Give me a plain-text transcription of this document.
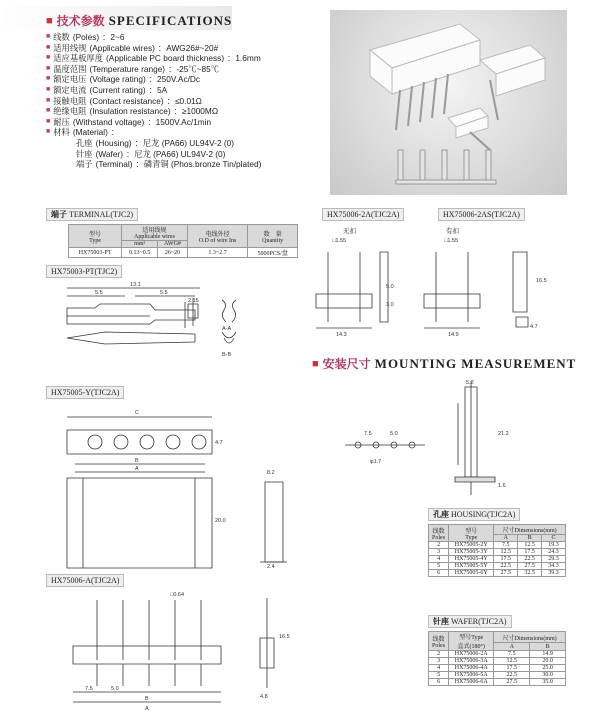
■ 技术参数 SPECIFICATIONS
■ 线数 (Poles) ：2~6
■ 适用线规 (Applicable wires) ：AWG26#~20#
■ 适应基板厚度 (Applicable PC board thickness) ：1.6mm
■ 温度范围 (Temperature range) ：-25℃~85℃
■ 额定电压 (Voltage rating) ：250V.Ac/Dc
■ 额定电流 (Current rating) ：5A
■ 接触电阻 (Contact resistance) ：≤0.01Ω
■ 绝缘电阻 (Insulation resistance) ：≥1000MΩ
■ 耐压 (Withstand voltage) ：1500V.Ac/1min
■ 材料 (Material) ：
孔座 (Housing) ：尼龙 (PA66) UL94V-2 (0)
针座 (Wafer) ：尼龙 (PA66) UL94V-2 (0)
端子 (Terminal) ：磷青铜 (Phos.bronze Tin/plated)
端子 TERMINAL(TJC2)
型号
Type	适用线规
Applicable wires		电线外径
O.D of wire Ins	数　量
Quantity
	mm²	AWG#		
HX75003-PT	0.13~0.5	26~20	1.3~2.7	5000PCS/盘
HX75003-PT(TJC2)
13.1
5.5	5.5
2.15
A-A
B-B
HX75005-Y(TJC2A)
C
B
A
20.0
4.7
8.2
2.4
HX75006-A(TJC2A)
□0.64
7.5	5.0
B
A
16.5
4.8
HX75006-2A(TJC2A)	HX75006-2AS(TJC2A)
无扣	有扣
□1.55
3.0
5.0
14.3
□1.55
16.5
14.9
4.7
■ 安装尺寸 MOUNTING MEASUREMENT
7.5	5.0
φ1.7
5.2
21.2
1.6
孔座 HOUSING(TJC2A)
线数
Poles	型号
Type	尺寸Dimensions(mm)		
		A	B	C
2	HX75005-2Y	7.5	12.5	19.3
3	HX75005-3Y	12.5	17.5	24.3
4	HX75005-4Y	17.5	22.5	29.3
5	HX75005-5Y	22.5	27.5	34.3
6	HX75005-6Y	27.5	32.5	39.3
针座 WAFER(TJC2A)
线数
Poles	型号Type
直式(180°)	尺寸Dimensions(mm)	
		A	B
2	HX75006-2A	7.5	14.9
3	HX75006-3A	12.5	20.0
4	HX75006-4A	17.5	25.0
5	HX75006-5A	22.5	30.0
6	HX75006-6A	27.5	35.0
